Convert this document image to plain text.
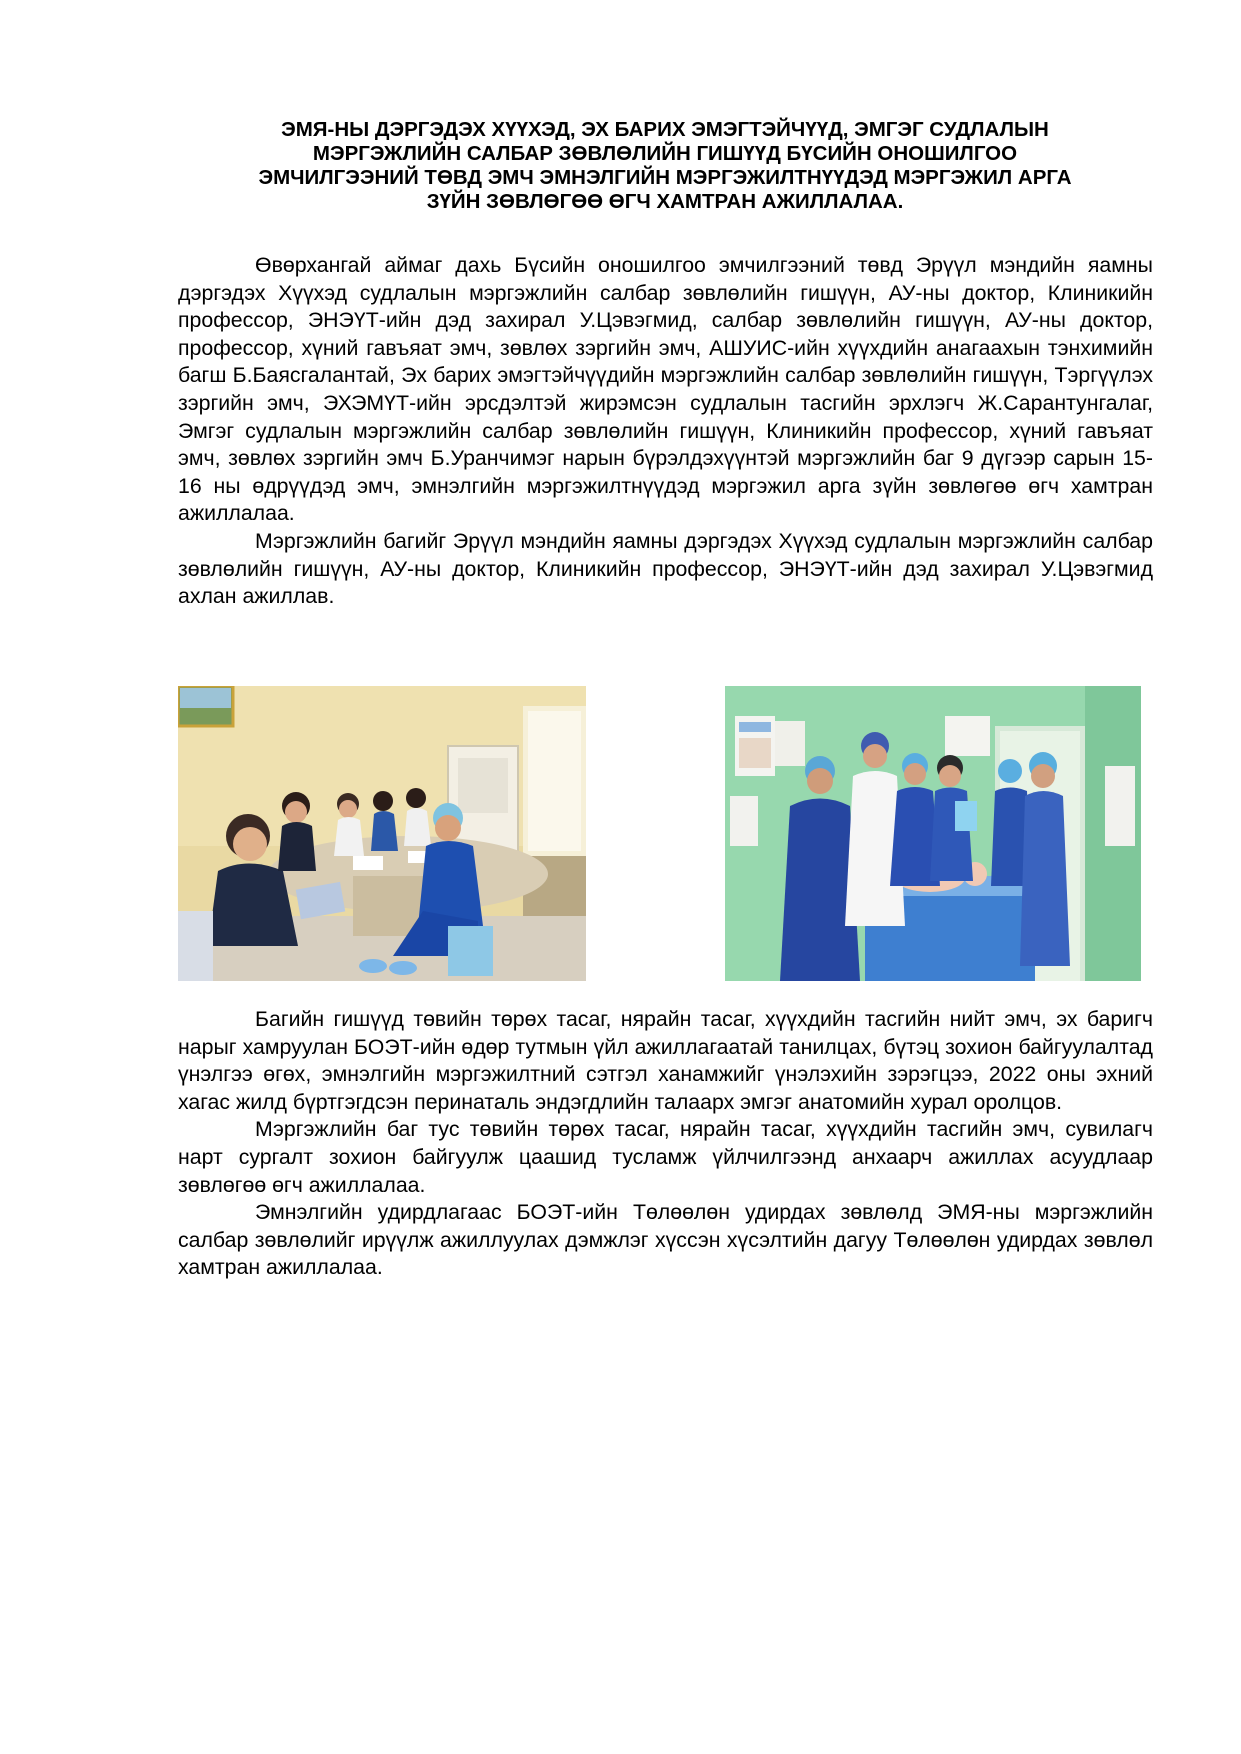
ЭМЯ-НЫ ДЭРГЭДЭХ ХҮҮХЭД, ЭХ БАРИХ ЭМЭГТЭЙЧҮҮД, ЭМГЭГ СУДЛАЛЫН
МЭРГЭЖЛИЙН САЛБАР ЗӨВЛӨЛИЙН ГИШҮҮД БҮСИЙН ОНОШИЛГОО
ЭМЧИЛГЭЭНИЙ ТӨВД ЭМЧ ЭМНЭЛГИЙН МЭРГЭЖИЛТНҮҮДЭД МЭРГЭЖИЛ АРГА
ЗҮЙН ЗӨВЛӨГӨӨ ӨГЧ ХАМТРАН АЖИЛЛАЛАА.

Өвөрхангай аймаг дахь Бүсийн оношилгоо эмчилгээний төвд Эрүүл мэндийн яамны дэргэдэх Хүүхэд судлалын мэргэжлийн салбар зөвлөлийн гишүүн, АУ-ны доктор, Клиникийн профессор, ЭНЭҮТ-ийн дэд захирал У.Цэвэгмид, салбар зөвлөлийн гишүүн, АУ-ны доктор, профессор, хүний гавъяат эмч, зөвлөх зэргийн эмч, АШУИС-ийн хүүхдийн анагаахын тэнхимийн багш Б.Баясгалантай, Эх барих эмэгтэйчүүдийн мэргэжлийн салбар зөвлөлийн гишүүн, Тэргүүлэх зэргийн эмч, ЭХЭМҮТ-ийн эрсдэлтэй жирэмсэн судлалын тасгийн эрхлэгч Ж.Сарантунгалаг, Эмгэг судлалын мэргэжлийн салбар зөвлөлийн гишүүн, Клиникийн профессор, хүний гавъяат эмч, зөвлөх зэргийн эмч Б.Уранчимэг нарын бүрэлдэхүүнтэй мэргэжлийн баг 9 дүгээр сарын 15-16 ны өдрүүдэд эмч, эмнэлгийн мэргэжилтнүүдэд мэргэжил арга зүйн зөвлөгөө өгч хамтран ажиллалаа.

Мэргэжлийн багийг Эрүүл мэндийн яамны дэргэдэх Хүүхэд судлалын мэргэжлийн салбар зөвлөлийн гишүүн, АУ-ны доктор, Клиникийн профессор, ЭНЭҮТ-ийн дэд захирал У.Цэвэгмид ахлан ажиллав.

Багийн гишүүд төвийн төрөх тасаг, нярайн тасаг, хүүхдийн тасгийн нийт эмч, эх баригч нарыг хамруулан БОЭТ-ийн өдөр тутмын үйл ажиллагаатай танилцах, бүтэц зохион байгуулалтад үнэлгээ өгөх, эмнэлгийн мэргэжилтний сэтгэл ханамжийг үнэлэхийн зэрэгцээ, 2022 оны эхний хагас жилд бүртгэгдсэн перинаталь эндэгдлийн талаарх эмгэг анатомийн хурал оролцов.

Мэргэжлийн баг тус төвийн төрөх тасаг, нярайн тасаг, хүүхдийн тасгийн эмч, сувилагч нарт сургалт зохион байгуулж цаашид тусламж үйлчилгээнд анхаарч ажиллах асуудлаар зөвлөгөө өгч ажиллалаа.

Эмнэлгийн удирдлагаас БОЭТ-ийн Төлөөлөн удирдах зөвлөлд ЭМЯ-ны мэргэжлийн салбар зөвлөлийг ирүүлж ажиллуулах дэмжлэг хүссэн хүсэлтийн дагуу Төлөөлөн удирдах зөвлөл хамтран ажиллалаа.
